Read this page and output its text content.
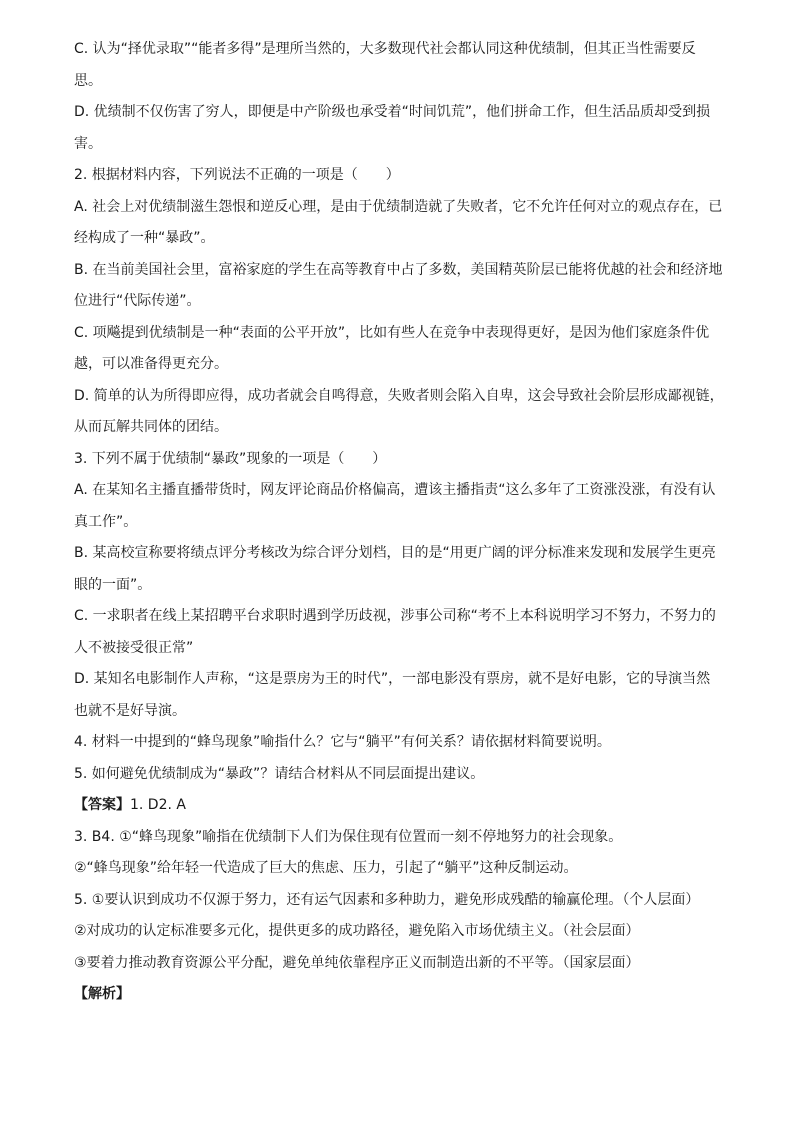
C. 认为“择优录取”“能者多得”是理所当然的，大多数现代社会都认同这种优绩制，但其正当性需要反
思。
D. 优绩制不仅伤害了穷人，即便是中产阶级也承受着“时间饥荒”，他们拼命工作，但生活品质却受到损
害。
2. 根据材料内容，下列说法不正确的一项是（　　）
A. 社会上对优绩制滋生怨恨和逆反心理，是由于优绩制造就了失败者，它不允许任何对立的观点存在，已
经构成了一种“暴政”。
B. 在当前美国社会里，富裕家庭的学生在高等教育中占了多数，美国精英阶层已能将优越的社会和经济地
位进行“代际传递”。
C. 项飚提到优绩制是一种“表面的公平开放”，比如有些人在竞争中表现得更好，是因为他们家庭条件优
越，可以准备得更充分。
D. 简单的认为所得即应得，成功者就会自鸣得意，失败者则会陷入自卑，这会导致社会阶层形成鄙视链，
从而瓦解共同体的团结。
3. 下列不属于优绩制“暴政”现象的一项是（　　）
A. 在某知名主播直播带货时，网友评论商品价格偏高，遭该主播指责“这么多年了工资涨没涨，有没有认
真工作”。
B. 某高校宣称要将绩点评分考核改为综合评分划档，目的是“用更广阔的评分标准来发现和发展学生更亮
眼的一面”。
C. 一求职者在线上某招聘平台求职时遇到学历歧视，涉事公司称“考不上本科说明学习不努力，不努力的
人不被接受很正常”
D. 某知名电影制作人声称，“这是票房为王的时代”，一部电影没有票房，就不是好电影，它的导演当然
也就不是好导演。
4. 材料一中提到的“蜂鸟现象”喻指什么？它与“躺平”有何关系？请依据材料简要说明。
5. 如何避免优绩制成为“暴政”？请结合材料从不同层面提出建议。
【答案】1. D2. A
3. B4. ①“蜂鸟现象”喻指在优绩制下人们为保住现有位置而一刻不停地努力的社会现象。
②“蜂鸟现象”给年轻一代造成了巨大的焦虑、压力，引起了“躺平”这种反制运动。
5. ①要认识到成功不仅源于努力，还有运气因素和多种助力，避免形成残酷的输赢伦理。（个人层面）
②对成功的认定标准要多元化，提供更多的成功路径，避免陷入市场优绩主义。（社会层面）
③要着力推动教育资源公平分配，避免单纯依靠程序正义而制造出新的不平等。（国家层面）
【解析】
